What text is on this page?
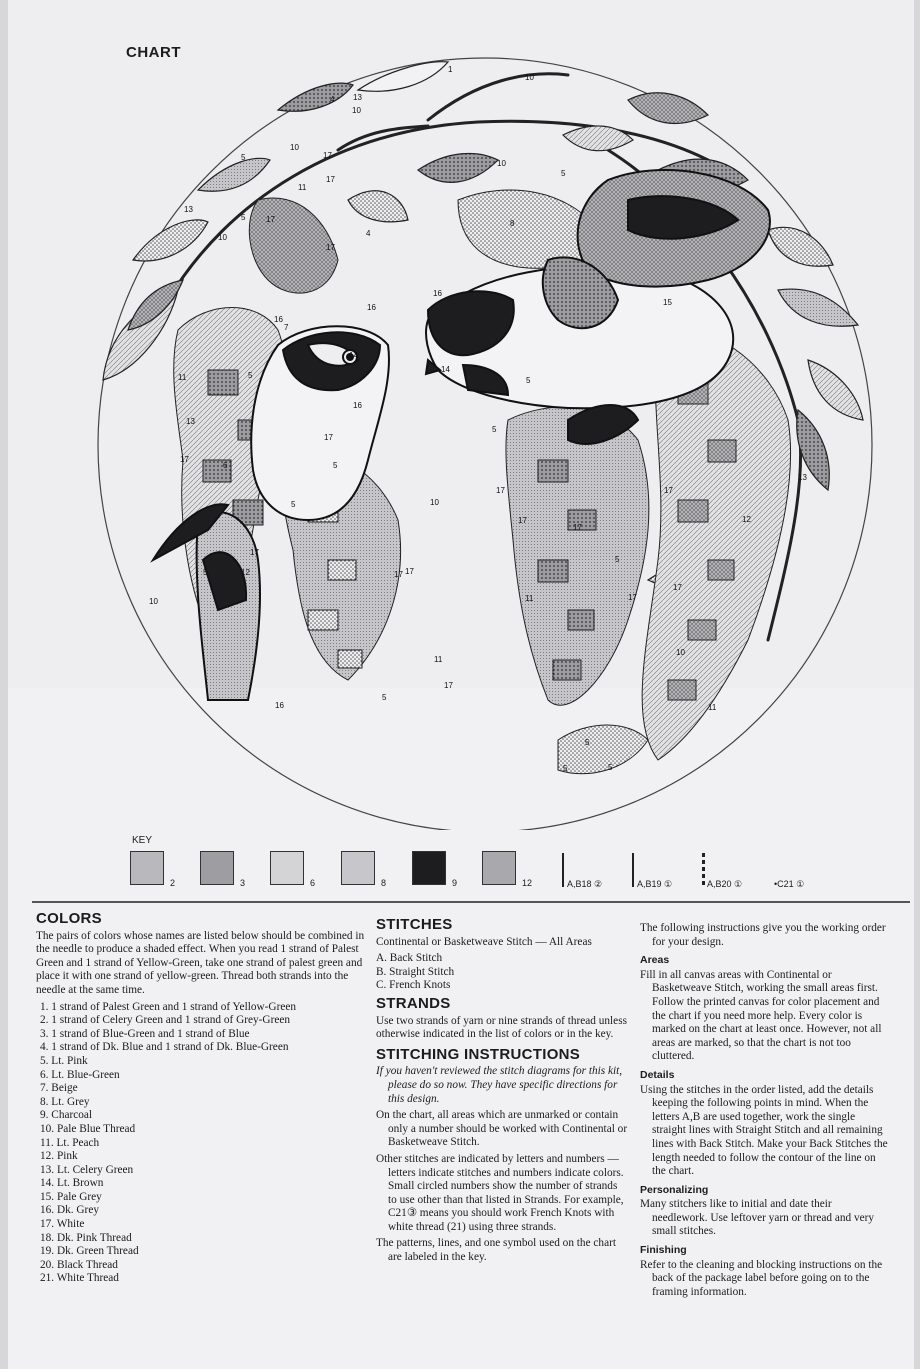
CHART
1
10
4 13
10
10
5	17
17
11
13
5	17
4
10
17
7
5
16
17
5
5
17
12
5
16
14
14
16
10
8
5
15
16
11
17
6
17
13
5
5
17
17
11
10
10
17
17
5
10
13
12
16
17
5
17
11
17
5
5
17
11
5
KEY
2	3	6	8	9	12	A,B18 ②	A,B19 ①	A,B20 ①	•C21 ①
COLORS

The pairs of colors whose names are listed below should be combined in the needle to produce a shaded effect. When you read 1 strand of Palest Green and 1 strand of Yellow-Green, take one strand of palest green and place it with one strand of yellow-green. Thread both strands into the needle at the same time.

1. 1 strand of Palest Green and 1 strand of Yellow-Green
2. 1 strand of Celery Green and 1 strand of Grey-Green
3. 1 strand of Blue-Green and 1 strand of Blue
4. 1 strand of Dk. Blue and 1 strand of Dk. Blue-Green
5. Lt. Pink
6. Lt. Blue-Green
7. Beige
8. Lt. Grey
9. Charcoal
10. Pale Blue Thread
11. Lt. Peach
12. Pink
13. Lt. Celery Green
14. Lt. Brown
15. Pale Grey
16. Dk. Grey
17. White
18. Dk. Pink Thread
19. Dk. Green Thread
20. Black Thread
21. White Thread
STITCHES

Continental or Basketweave Stitch — All Areas

A. Back Stitch
B. Straight Stitch
C. French Knots
STRANDS

Use two strands of yarn or nine strands of thread unless otherwise indicated in the list of colors or in the key.

STITCHING INSTRUCTIONS

If you haven't reviewed the stitch diagrams for this kit, please do so now. They have specific directions for this design.

On the chart, all areas which are unmarked or contain only a number should be worked with Continental or Basketweave Stitch.

Other stitches are indicated by letters and numbers — letters indicate stitches and numbers indicate colors. Small circled numbers show the number of strands to use other than that listed in Strands. For example, C21③ means you should work French Knots with white thread (21) using three strands.

The patterns, lines, and one symbol used on the chart are labeled in the key.

The following instructions give you the working order for your design.

Areas

Fill in all canvas areas with Continental or Basketweave Stitch, working the small areas first. Follow the printed canvas for color placement and the chart if you need more help. Every color is marked on the chart at least once. However, not all areas are marked, so that the chart is not too cluttered.

Details

Using the stitches in the order listed, add the details keeping the following points in mind. When the letters A,B are used together, work the single straight lines with Straight Stitch and all remaining lines with Back Stitch. Make your Back Stitches the length needed to follow the contour of the line on the chart.

Personalizing

Many stitchers like to initial and date their needlework. Use leftover yarn or thread and very small stitches.

Finishing

Refer to the cleaning and blocking instructions on the back of the package label before going on to the framing information.
